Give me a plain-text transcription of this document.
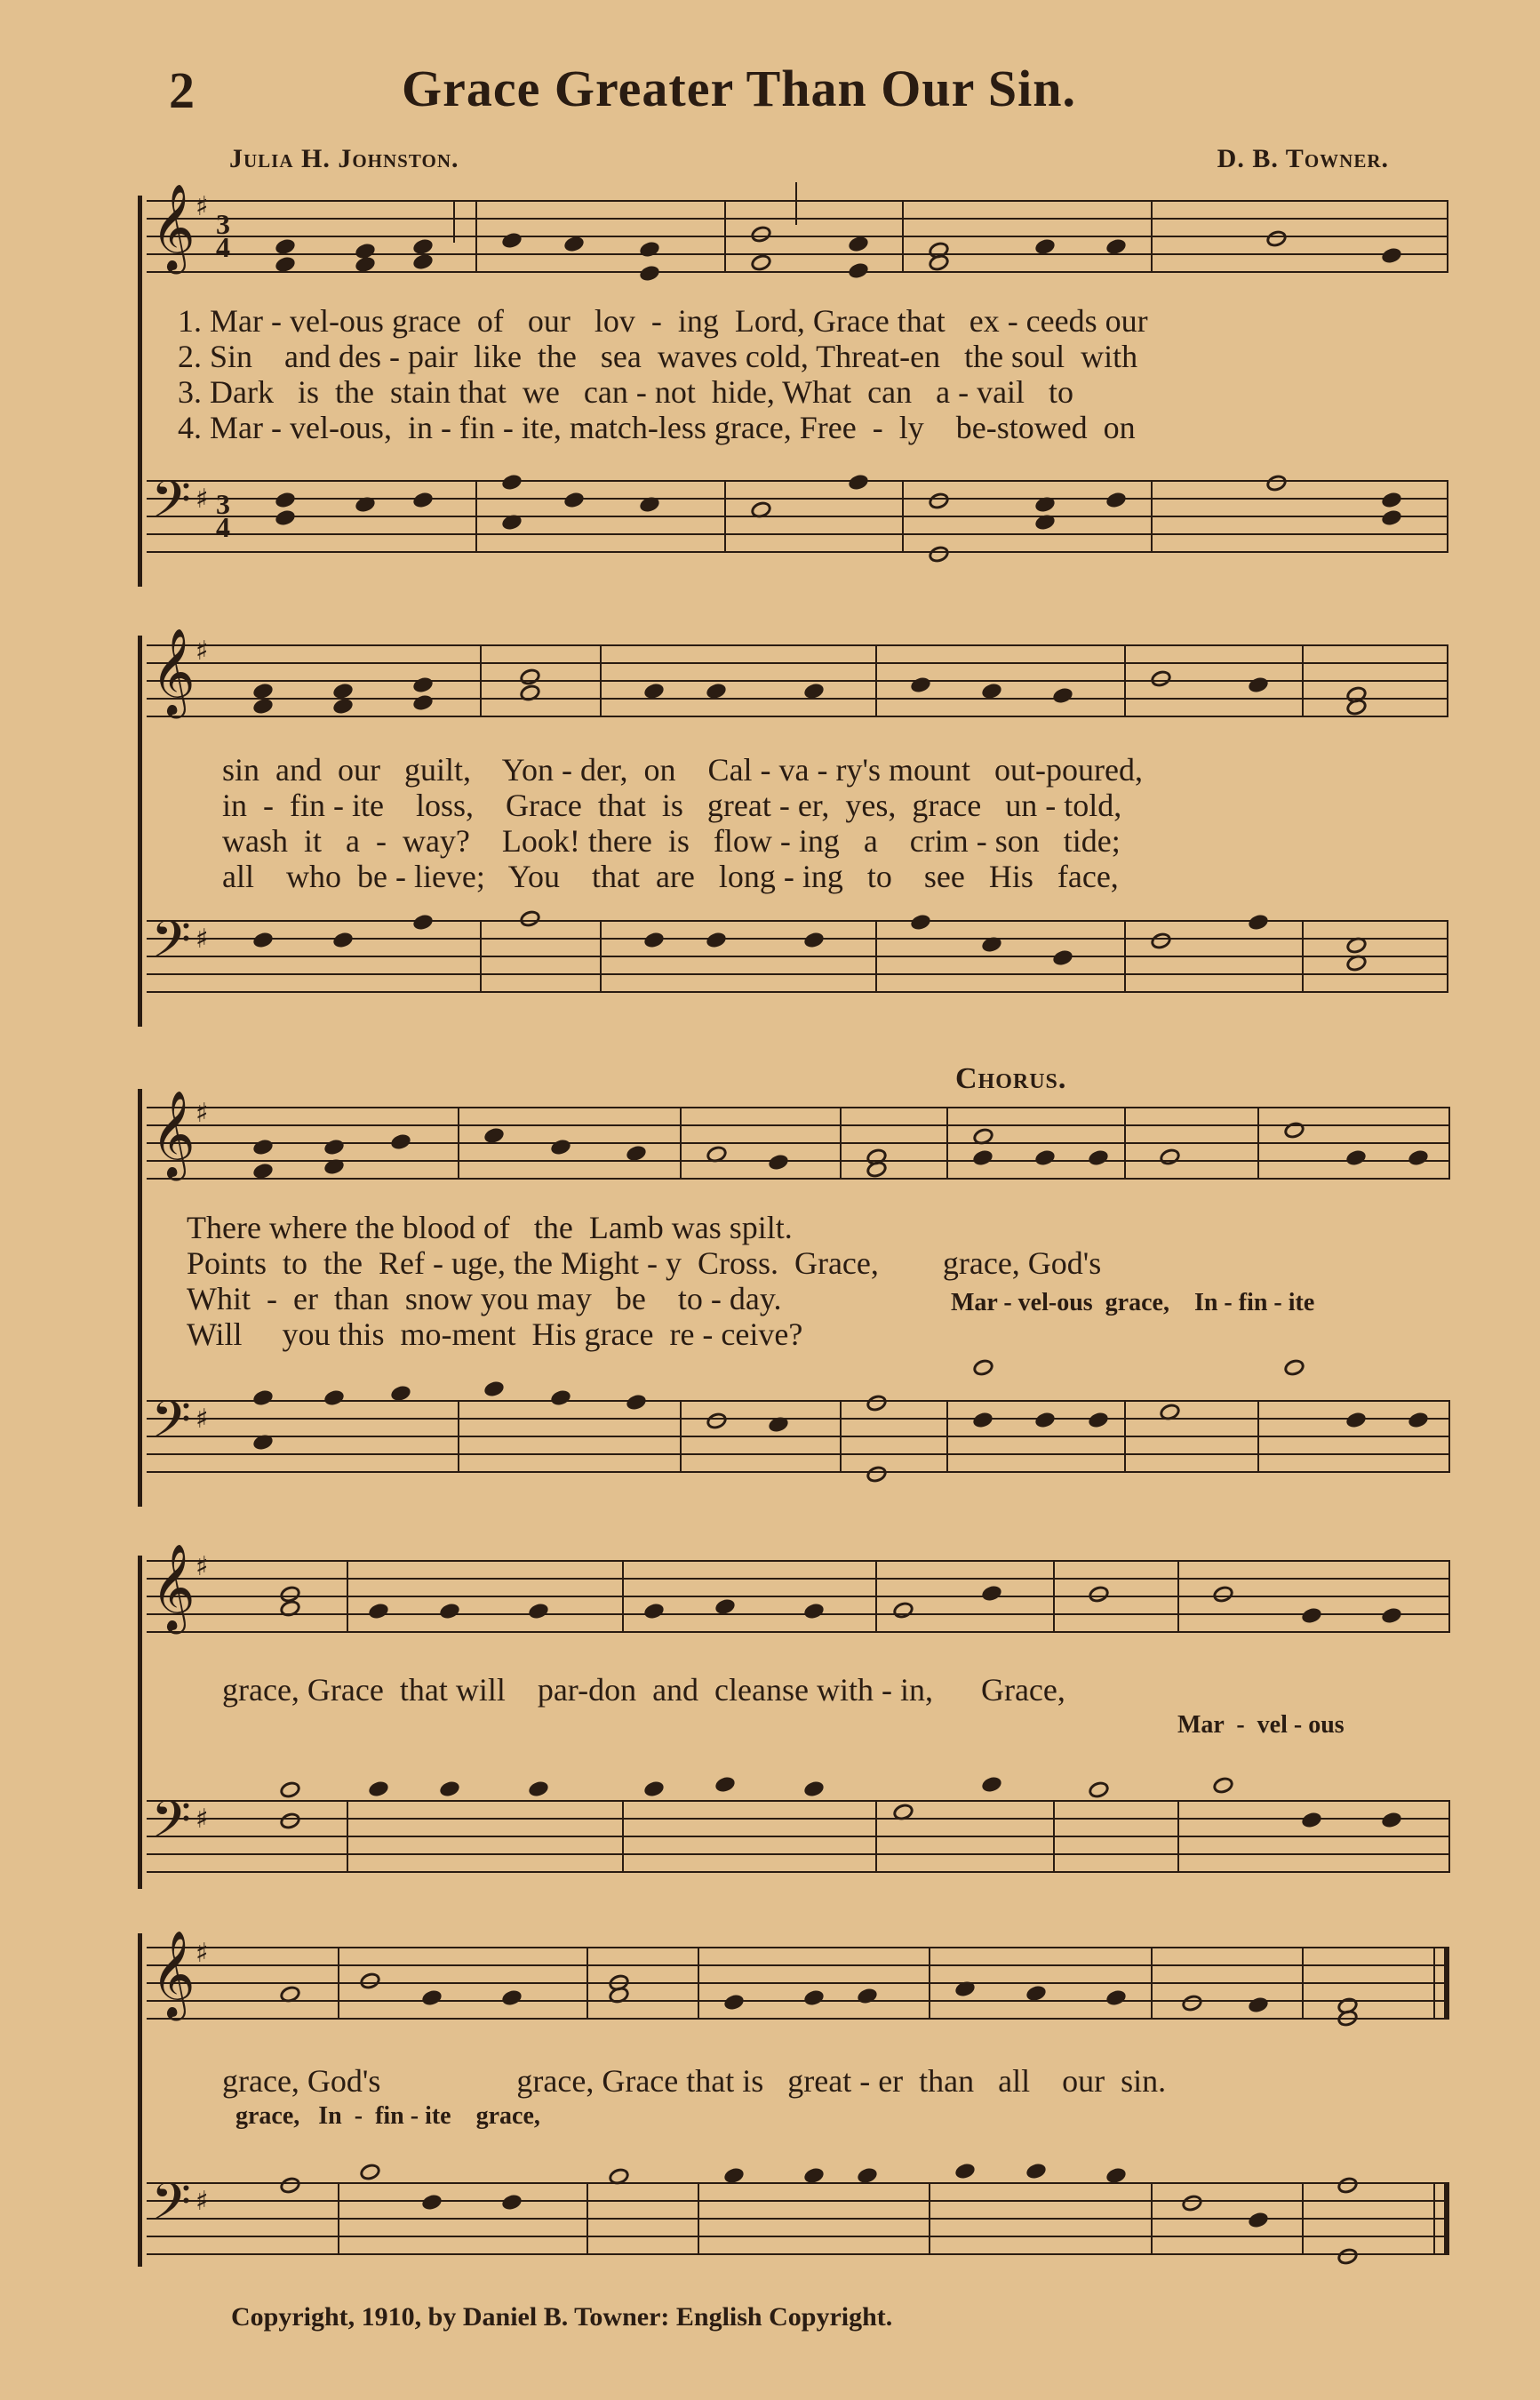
2	Grace Greater Than Our Sin.
Julia H. Johnston.	D. B. Towner.
𝄞 ♯
3
4
1. Mar - vel-ous grace  of   our   lov  -  ing  Lord, Grace that   ex - ceeds our
2. Sin    and des - pair  like  the   sea  waves cold, Threat-en   the soul  with
3. Dark   is  the  stain that  we   can - not  hide, What  can   a - vail   to
4. Mar - vel-ous,  in - fin - ite, match-less grace, Free  -  ly    be-stowed  on
𝄢 ♯ 3
4
𝄞 ♯
sin  and  our   guilt,    Yon - der,  on    Cal - va - ry's mount   out-poured,
in  -  fin - ite    loss,    Grace  that  is   great - er,  yes,  grace   un - told,
wash  it   a  -  way?    Look! there  is   flow - ing   a    crim - son   tide;
all    who  be - lieve;   You    that  are   long - ing   to    see   His   face,
𝄢 ♯
Chorus.
𝄞 ♯
There where the blood of   the  Lamb was spilt.
Points  to  the  Ref - uge, the Might - y  Cross.  Grace,        grace, God's
Whit  -  er  than  snow you may   be    to - day.
Will     you this  mo-ment  His grace  re - ceive?
Mar - vel-ous  grace,    In - fin - ite
𝄢 ♯
𝄞 ♯
grace, Grace  that will    par-don  and  cleanse with - in,      Grace,
Mar  -  vel - ous
𝄢 ♯
𝄞 ♯
grace, God's                 grace, Grace that is   great - er  than   all    our  sin.
grace,   In  -  fin - ite    grace,
𝄢 ♯
Copyright, 1910, by Daniel B. Towner: English Copyright.
